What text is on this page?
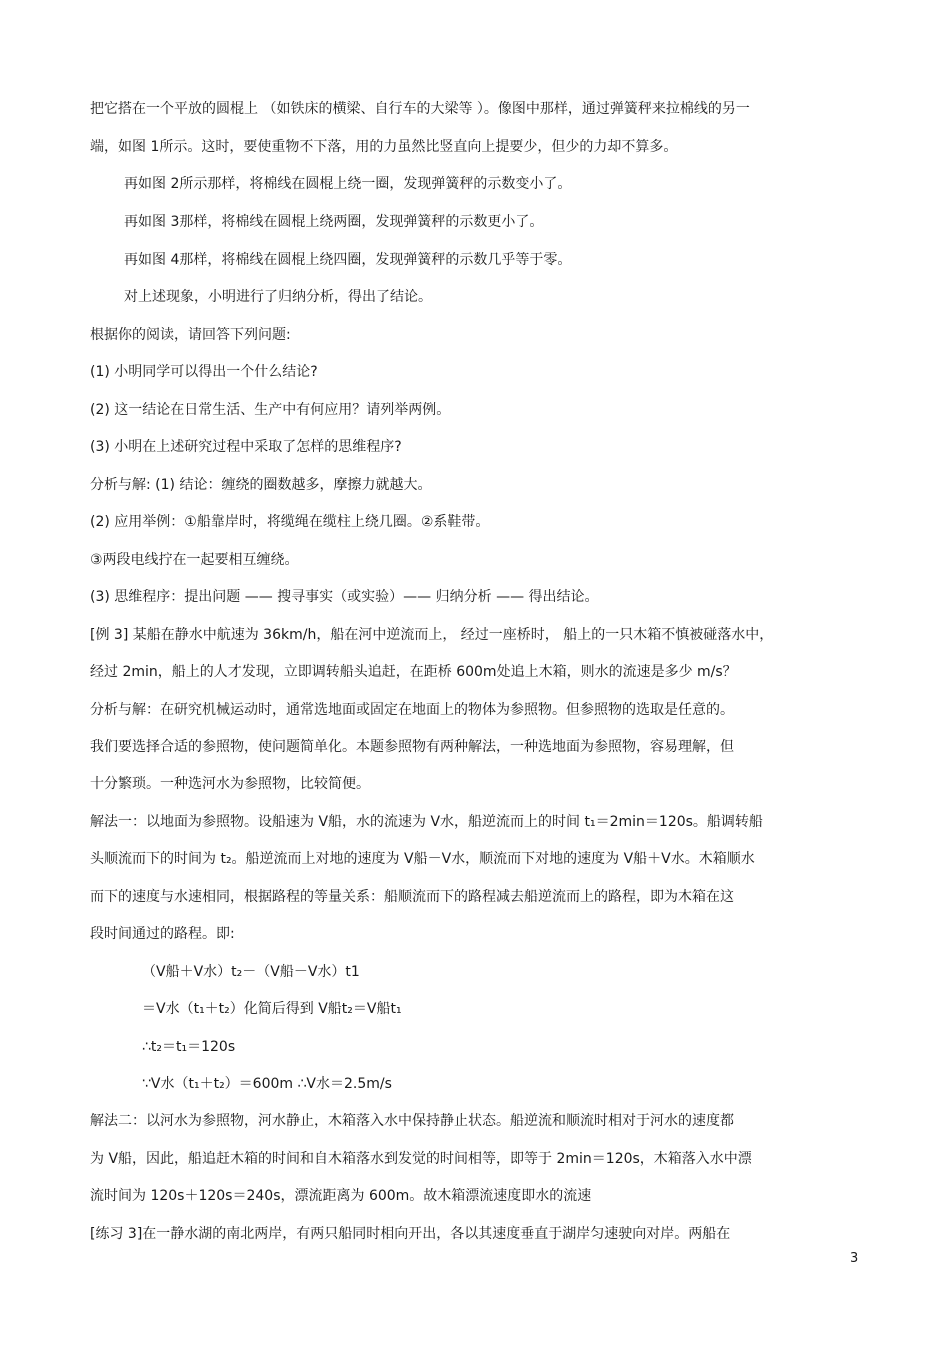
把它搭在一个平放的圆棍上 （如铁床的横梁、自行车的大梁等 ）。像图中那样，通过弹簧秤来拉棉线的另一
端，如图 1所示。这时，要使重物不下落，用的力虽然比竖直向上提要少，但少的力却不算多。
再如图 2所示那样，将棉线在圆棍上绕一圈，发现弹簧秤的示数变小了。
再如图 3那样，将棉线在圆棍上绕两圈，发现弹簧秤的示数更小了。
再如图 4那样，将棉线在圆棍上绕四圈，发现弹簧秤的示数几乎等于零。
对上述现象，小明进行了归纳分析，得出了结论。
根据你的阅读，请回答下列问题:
(1) 小明同学可以得出一个什么结论?
(2) 这一结论在日常生活、生产中有何应用？请列举两例。
(3) 小明在上述研究过程中采取了怎样的思维程序?
分析与解: (1) 结论：缠绕的圈数越多，摩擦力就越大。
(2) 应用举例：①船靠岸时，将缆绳在缆柱上绕几圈。②系鞋带。
③两段电线拧在一起要相互缠绕。
(3) 思维程序：提出问题 —— 搜寻事实（或实验）—— 归纳分析 —— 得出结论。
[例 3] 某船在静水中航速为 36km/h，船在河中逆流而上， 经过一座桥时， 船上的一只木箱不慎被碰落水中，
经过 2min，船上的人才发现，立即调转船头追赶，在距桥 600m处追上木箱，则水的流速是多少 m/s？
分析与解：在研究机械运动时，通常选地面或固定在地面上的物体为参照物。但参照物的选取是任意的。
我们要选择合适的参照物，使问题简单化。本题参照物有两种解法，一种选地面为参照物，容易理解，但
十分繁琐。一种选河水为参照物，比较简便。
解法一：以地面为参照物。设船速为 V船，水的流速为 V水，船逆流而上的时间 t₁＝2min＝120s。船调转船
头顺流而下的时间为 t₂。船逆流而上对地的速度为 V船－V水，顺流而下对地的速度为 V船＋V水。木箱顺水
而下的速度与水速相同，根据路程的等量关系：船顺流而下的路程减去船逆流而上的路程，即为木箱在这
段时间通过的路程。即:
（V船＋V水）t₂－（V船－V水）t1
＝V水（t₁＋t₂）化简后得到 V船t₂＝V船t₁
∴t₂＝t₁＝120s
∵V水（t₁＋t₂）＝600m ∴V水＝2.5m/s
解法二：以河水为参照物，河水静止，木箱落入水中保持静止状态。船逆流和顺流时相对于河水的速度都
为 V船，因此，船追赶木箱的时间和自木箱落水到发觉的时间相等，即等于 2min＝120s，木箱落入水中漂
流时间为 120s＋120s＝240s，漂流距离为 600m。故木箱漂流速度即水的流速
[练习 3]在一静水湖的南北两岸，有两只船同时相向开出，各以其速度垂直于湖岸匀速驶向对岸。两船在
3
